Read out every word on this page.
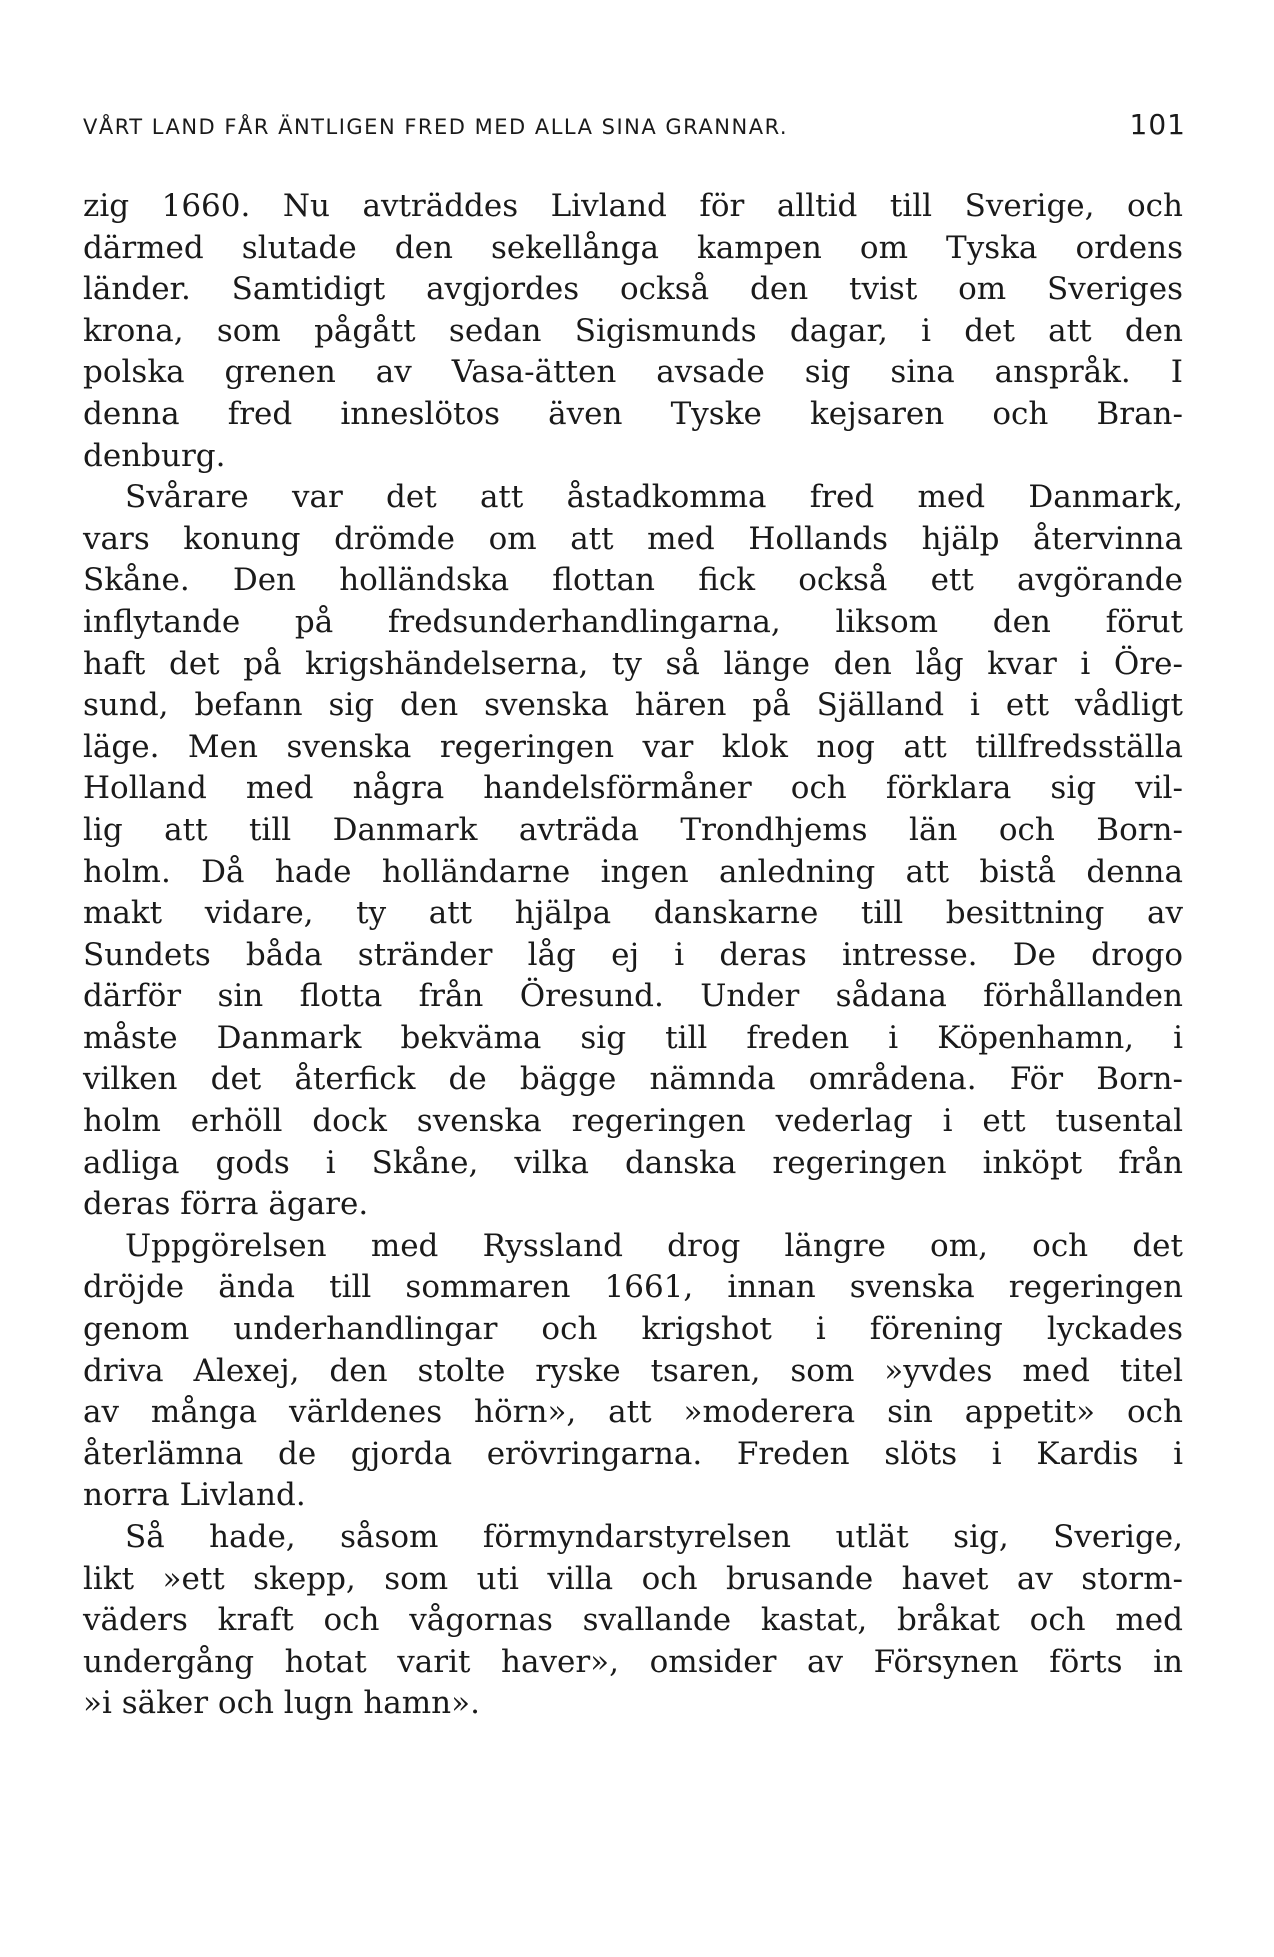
VÅRT LAND FÅR ÄNTLIGEN FRED MED ALLA SINA GRANNAR.	101
zig 1660. Nu avträddes Livland för alltid till Sverige, och
därmed slutade den sekellånga kampen om Tyska ordens
länder. Samtidigt avgjordes också den tvist om Sveriges
krona, som pågått sedan Sigismunds dagar, i det att den
polska grenen av Vasa-ätten avsade sig sina anspråk. I
denna fred inneslötos även Tyske kejsaren och Bran-
denburg.
Svårare var det att åstadkomma fred med Danmark,
vars konung drömde om att med Hollands hjälp återvinna
Skåne. Den holländska flottan fick också ett avgörande
inflytande på fredsunderhandlingarna, liksom den förut
haft det på krigshändelserna, ty så länge den låg kvar i Öre-
sund, befann sig den svenska hären på Själland i ett vådligt
läge. Men svenska regeringen var klok nog att tillfredsställa
Holland med några handelsförmåner och förklara sig vil-
lig att till Danmark avträda Trondhjems län och Born-
holm. Då hade holländarne ingen anledning att bistå denna
makt vidare, ty att hjälpa danskarne till besittning av
Sundets båda stränder låg ej i deras intresse. De drogo
därför sin flotta från Öresund. Under sådana förhållanden
måste Danmark bekväma sig till freden i Köpenhamn, i
vilken det återfick de bägge nämnda områdena. För Born-
holm erhöll dock svenska regeringen vederlag i ett tusental
adliga gods i Skåne, vilka danska regeringen inköpt från
deras förra ägare.
Uppgörelsen med Ryssland drog längre om, och det
dröjde ända till sommaren 1661, innan svenska regeringen
genom underhandlingar och krigshot i förening lyckades
driva Alexej, den stolte ryske tsaren, som »yvdes med titel
av många världenes hörn», att »moderera sin appetit» och
återlämna de gjorda erövringarna. Freden slöts i Kardis i
norra Livland.
Så hade, såsom förmyndarstyrelsen utlät sig, Sverige,
likt »ett skepp, som uti villa och brusande havet av storm-
väders kraft och vågornas svallande kastat, bråkat och med
undergång hotat varit haver», omsider av Försynen förts in
»i säker och lugn hamn».
